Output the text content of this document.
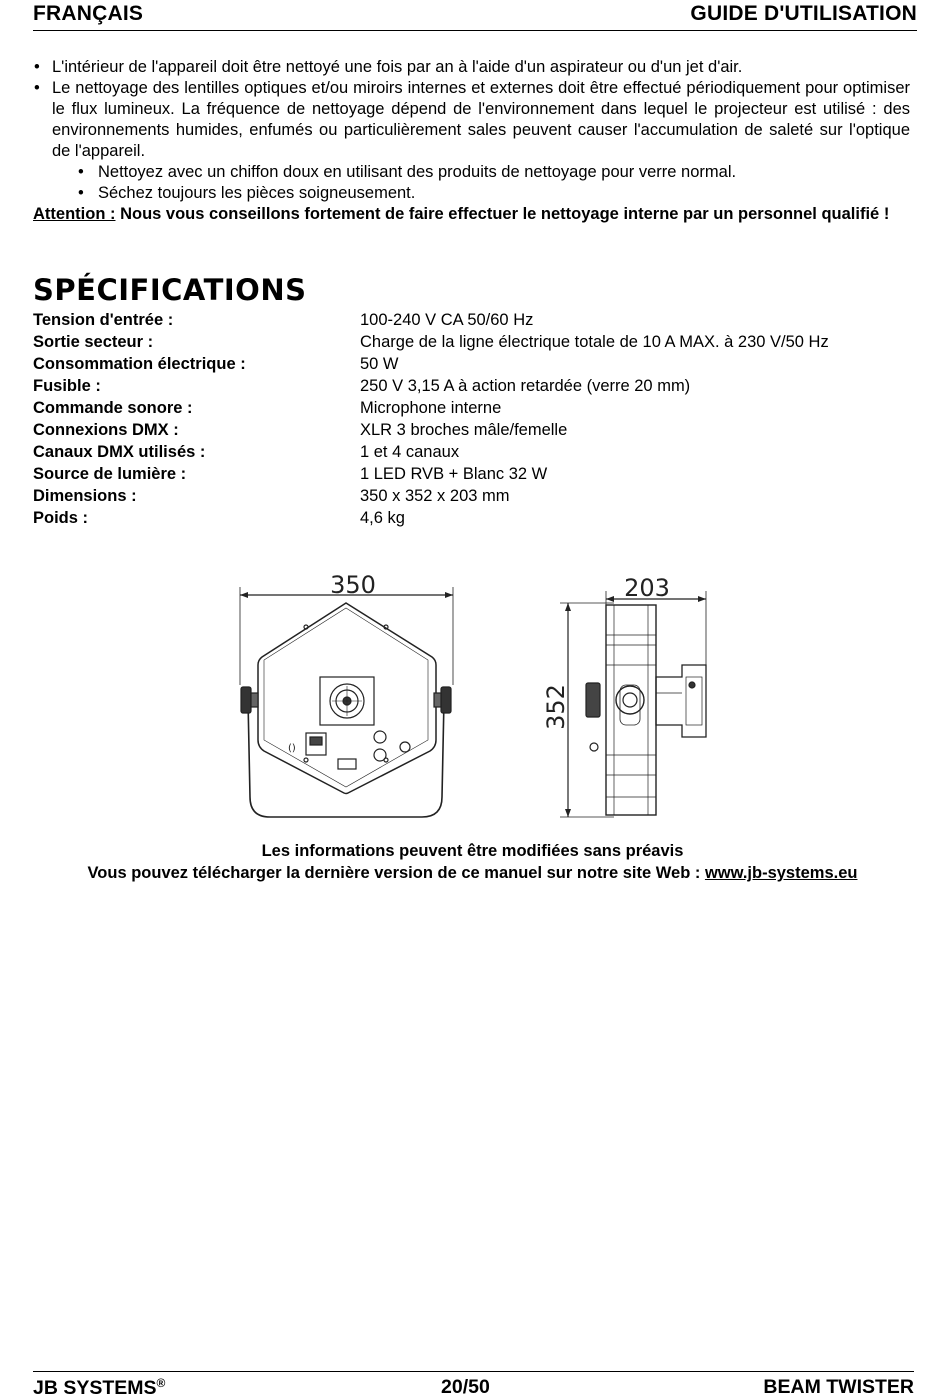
FRANÇAIS	GUIDE D'UTILISATION
• L'intérieur de l'appareil doit être nettoyé une fois par an à l'aide d'un aspirateur ou d'un jet d'air.
• Le nettoyage des lentilles optiques et/ou miroirs internes et externes doit être effectué périodiquement pour optimiser le flux lumineux. La fréquence de nettoyage dépend de l'environnement dans lequel le projecteur est utilisé : des environnements humides, enfumés ou particulièrement sales peuvent causer l'accumulation de saleté sur l'optique de l'appareil.
• Nettoyez avec un chiffon doux en utilisant des produits de nettoyage pour verre normal.
• Séchez toujours les pièces soigneusement.
Attention : Nous vous conseillons fortement de faire effectuer le nettoyage interne par un personnel qualifié !
SPÉCIFICATIONS
Tension d'entrée :	100-240 V CA 50/60 Hz
Sortie secteur :	Charge de la ligne électrique totale de 10 A MAX. à 230 V/50 Hz
Consommation électrique :	50 W
Fusible :	250 V 3,15 A à action retardée (verre 20 mm)
Commande sonore :	Microphone interne
Connexions DMX :	XLR 3 broches mâle/femelle
Canaux DMX utilisés :	1 et 4 canaux
Source de lumière :	1 LED RVB + Blanc 32 W
Dimensions :	350 x 352 x 203 mm
Poids :	4,6 kg
()
350	203
352
Les informations peuvent être modifiées sans préavis
Vous pouvez télécharger la dernière version de ce manuel sur notre site Web : www.jb-systems.eu
JB SYSTEMS®	20/50	BEAM TWISTER
